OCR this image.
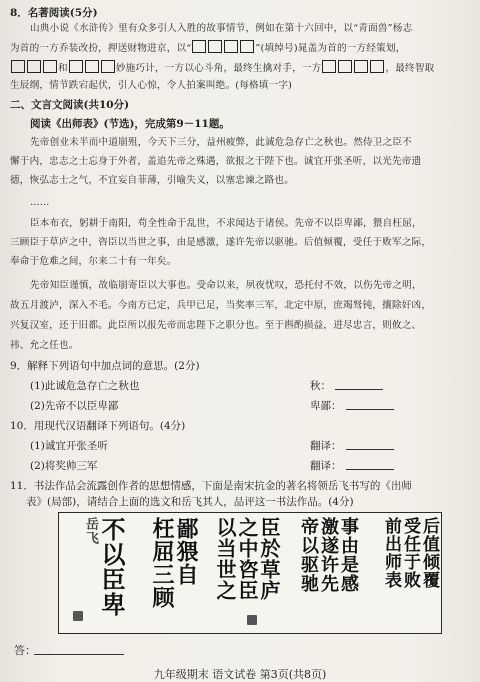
8．名著阅读(5分)
山典小说《水浒传》里有众多引人入胜的故事情节，例如在第十六回中，以“青面兽”杨志
为首的一方乔装改扮，押送财物进京，以“	”(填绰号)晁盖为首的一方经策划，
和	妙施巧计，一方以心斗角，最终生擒对手，一方	，最终智取
生辰纲，情节跌宕起伏，引人心惊，令人拍案叫绝。(每格填一字)
二、文言文阅读(共10分)
阅读《出师表》(节选)，完成第9－11题。
先帝创业未半而中道崩殂，今天下三分，益州疲弊，此诚危急存亡之秋也。然侍卫之臣不
懈于内，忠志之士忘身于外者，盖追先帝之殊遇，欲报之于陛下也。诚宜开张圣听，以光先帝遗
德，恢弘志士之气，不宜妄自菲薄，引喻失义，以塞忠谏之路也。
……
臣本布衣，躬耕于南阳，苟全性命于乱世，不求闻达于诸侯。先帝不以臣卑鄙，猥自枉屈，
三顾臣于草庐之中，咨臣以当世之事，由是感激，遂许先帝以驱驰。后值倾覆，受任于败军之际，
奉命于危难之间，尔来二十有一年矣。
先帝知臣谨慎，故临崩寄臣以大事也。受命以来，夙夜忧叹，恐托付不效，以伤先帝之明，
故五月渡泸，深入不毛。今南方已定，兵甲已足，当奖率三军，北定中原，庶竭驽钝，攘除奸凶，
兴复汉室，还于旧都。此臣所以报先帝而忠陛下之职分也。至于斟酌损益，进尽忠言，则攸之、
祎、允之任也。
9．解释下列语句中加点词的意思。(2分)
(1)此诚危急存亡之秋也	秋：
(2)先帝不以臣卑鄙	卑鄙：
10．用现代汉语翻译下列语句。(4分)
(1)诚宜开张圣听	翻译：
(2)将奖帅三军	翻译：
11．书法作品会流露创作者的思想情感，下面是南宋抗金的著名将领岳飞书写的《出师
表》(局部)，请结合上面的选文和岳飞其人，品评这一书法作品。(4分)
不以臣卑
岳飞	鄙猥自
枉屈三顾	臣於草庐
之中咨臣
以当世之	事由是感
激遂许先
帝以驱驰	后值倾覆
受任于败
前出师表
答：
九年级期末 语文试卷 第3页(共8页)
